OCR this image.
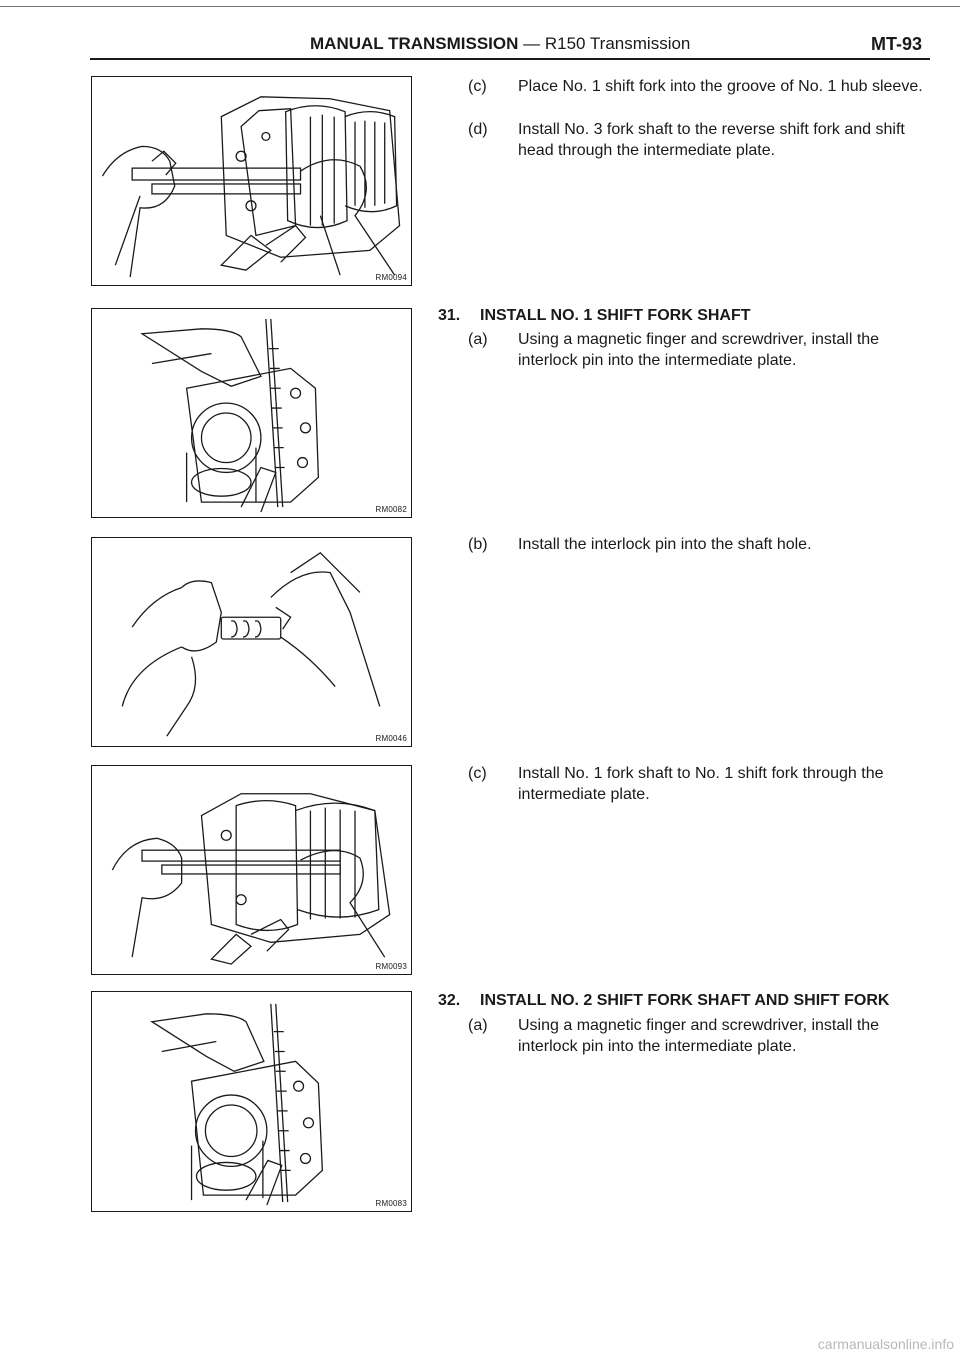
MANUAL TRANSMISSION — R150 Transmission	MT-93
RM0094
RM0082
RM0046
RM0093
RM0083
(c) Place No. 1 shift fork into the groove of No. 1 hub sleeve.
(d) Install No. 3 fork shaft to the reverse shift fork and shift head through the intermediate plate.
31. INSTALL NO. 1 SHIFT FORK SHAFT
(a) Using a magnetic finger and screwdriver, install the interlock pin into the intermediate plate.
(b) Install the interlock pin into the shaft hole.
(c) Install No. 1 fork shaft to No. 1 shift fork through the intermediate plate.
32. INSTALL NO. 2 SHIFT FORK SHAFT AND SHIFT FORK
(a) Using a magnetic finger and screwdriver, install the interlock pin into the intermediate plate.
carmanualsonline.info
